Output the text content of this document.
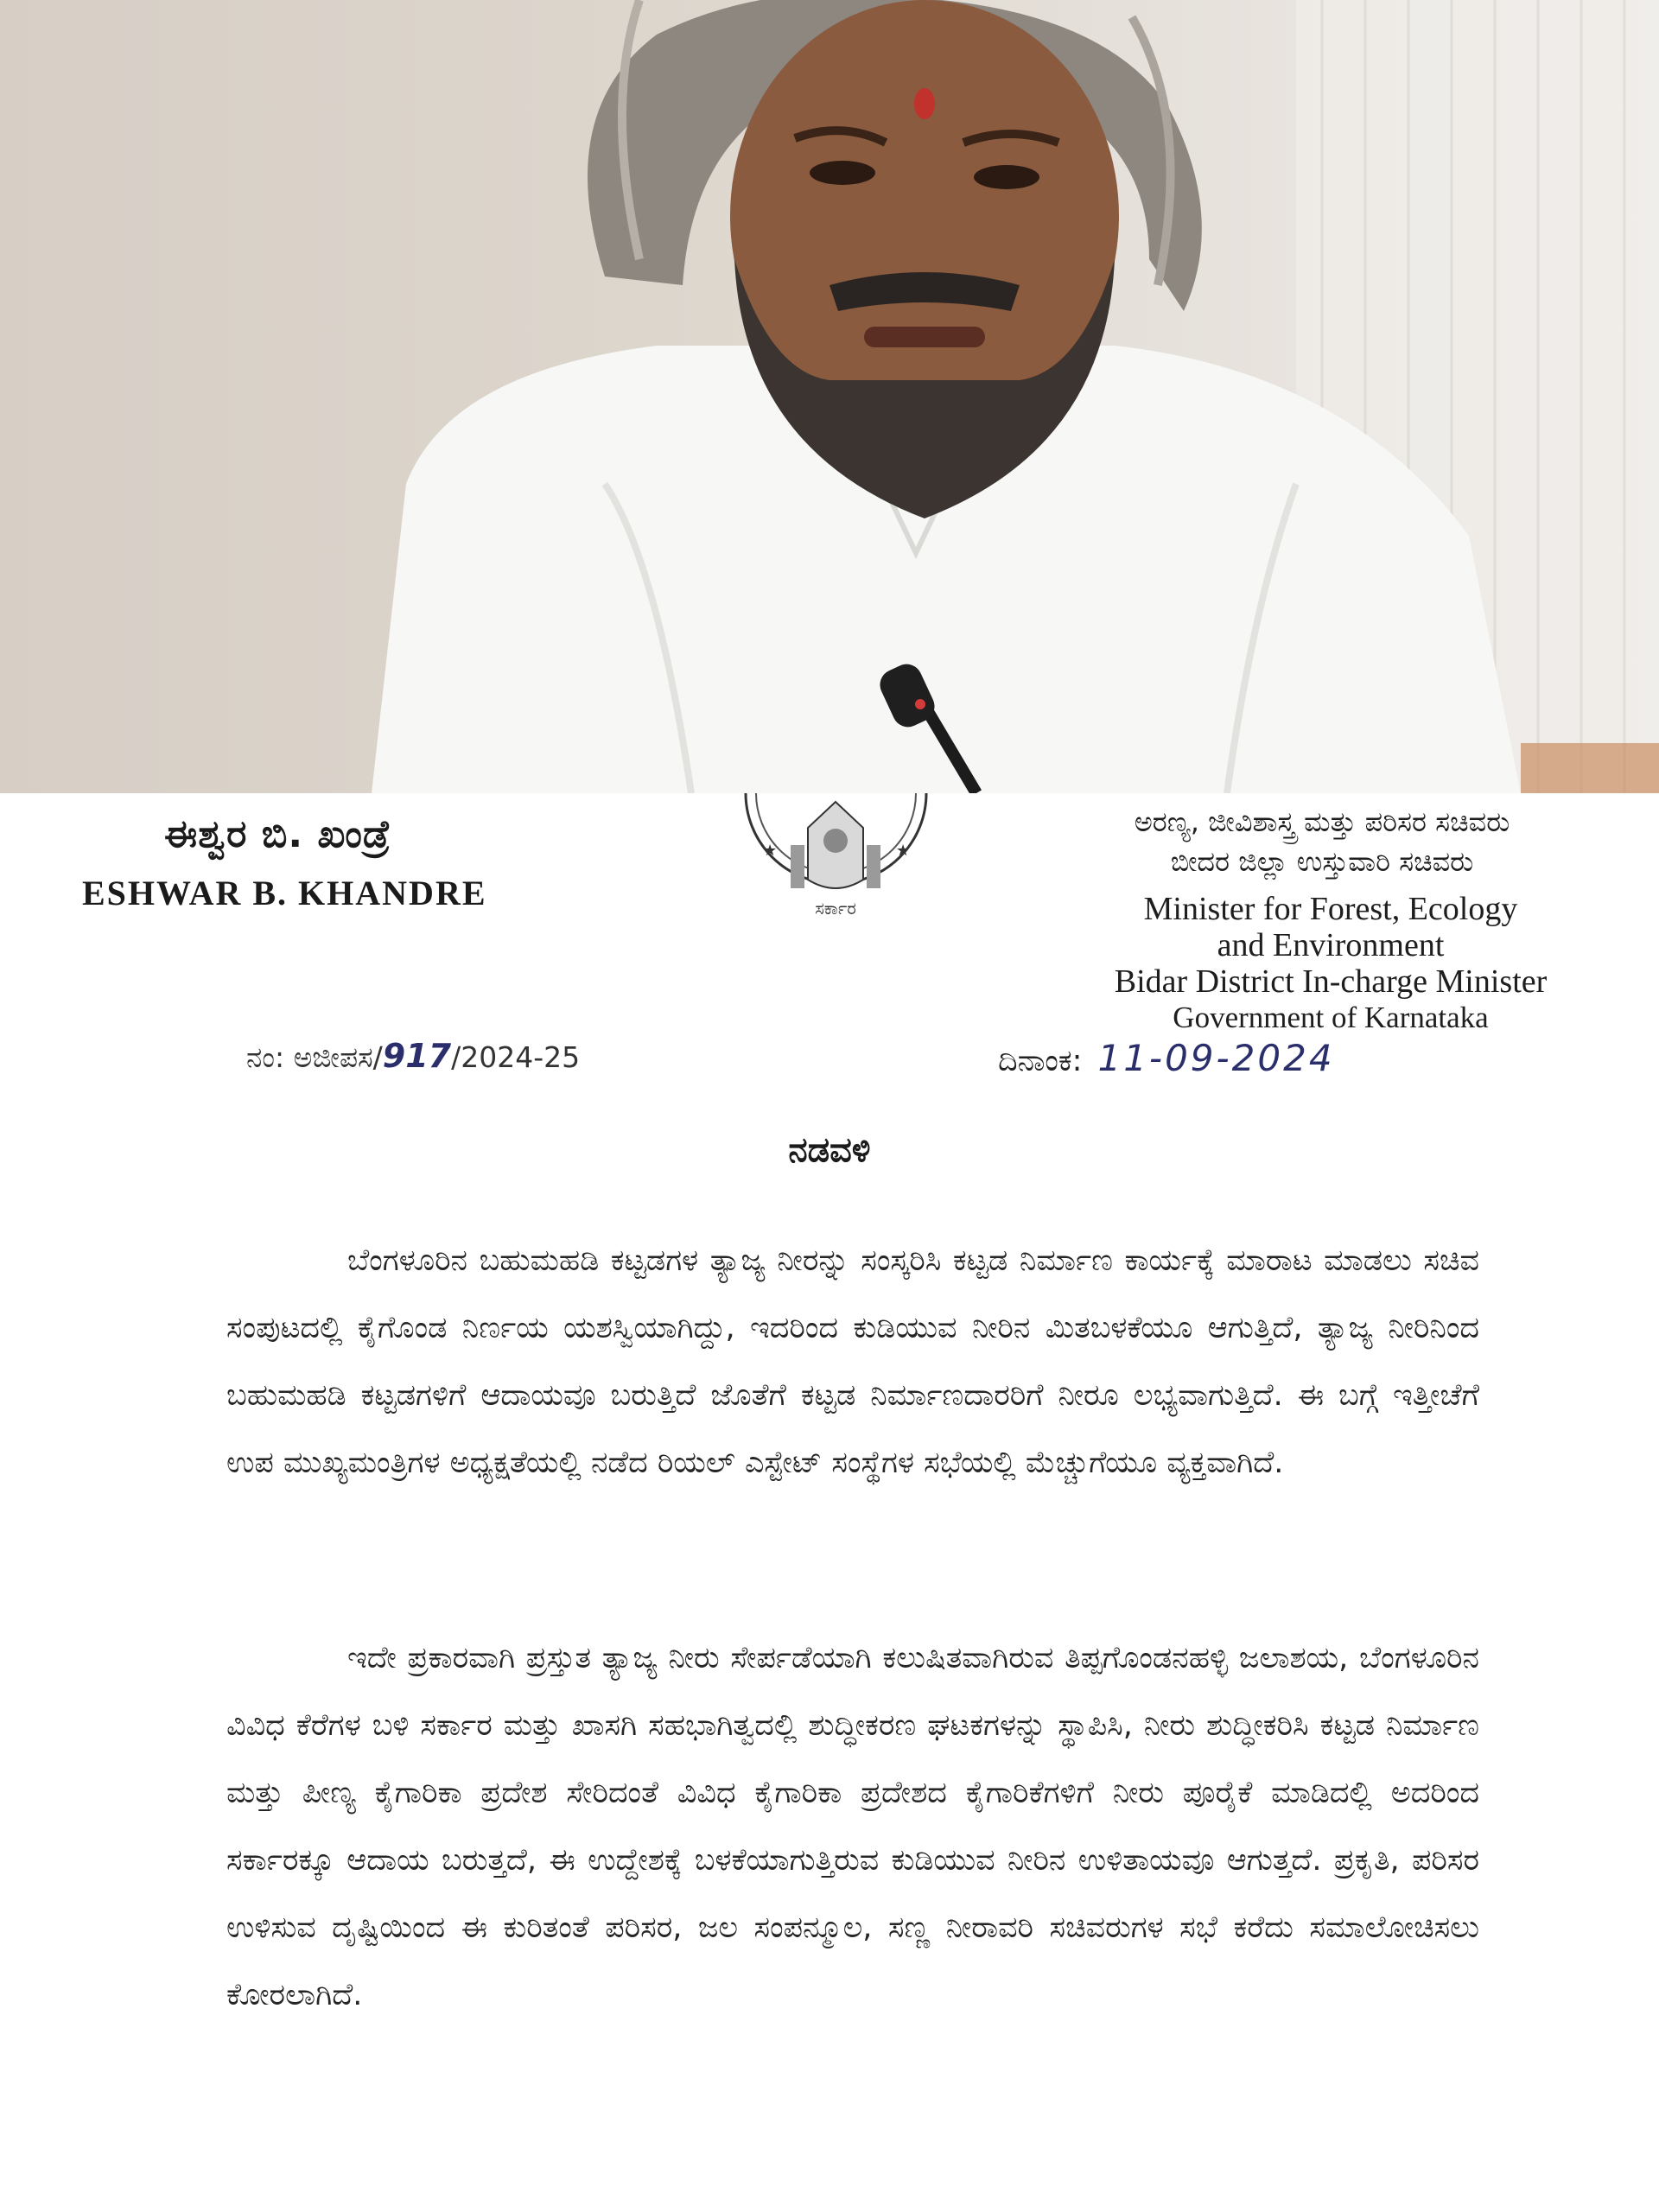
ಈಶ್ವರ ಬಿ. ಖಂಡ್ರೆ
ESHWAR B. KHANDRE
★	★
ಸರ್ಕಾರ
ಅರಣ್ಯ, ಜೀವಿಶಾಸ್ತ್ರ ಮತ್ತು ಪರಿಸರ ಸಚಿವರು
ಬೀದರ ಜಿಲ್ಲಾ ಉಸ್ತುವಾರಿ ಸಚಿವರು
Minister for Forest, Ecology
and Environment
Bidar District In-charge Minister
Government of Karnataka
ನಂ: ಅಜೀಪಸ/917/2024-25	ದಿನಾಂಕ: 11-09-2024
ನಡವಳಿ

ಬೆಂಗಳೂರಿನ ಬಹುಮಹಡಿ ಕಟ್ಟಡಗಳ ತ್ಯಾಜ್ಯ ನೀರನ್ನು ಸಂಸ್ಕರಿಸಿ ಕಟ್ಟಡ ನಿರ್ಮಾಣ ಕಾರ್ಯಕ್ಕೆ ಮಾರಾಟ ಮಾಡಲು ಸಚಿವ ಸಂಪುಟದಲ್ಲಿ ಕೈಗೊಂಡ ನಿರ್ಣಯ ಯಶಸ್ವಿಯಾಗಿದ್ದು, ಇದರಿಂದ ಕುಡಿಯುವ ನೀರಿನ ಮಿತಬಳಕೆಯೂ ಆಗುತ್ತಿದೆ, ತ್ಯಾಜ್ಯ ನೀರಿನಿಂದ ಬಹುಮಹಡಿ ಕಟ್ಟಡಗಳಿಗೆ ಆದಾಯವೂ ಬರುತ್ತಿದೆ ಜೊತೆಗೆ ಕಟ್ಟಡ ನಿರ್ಮಾಣದಾರರಿಗೆ ನೀರೂ ಲಭ್ಯವಾಗುತ್ತಿದೆ. ಈ ಬಗ್ಗೆ ಇತ್ತೀಚೆಗೆ ಉಪ ಮುಖ್ಯಮಂತ್ರಿಗಳ ಅಧ್ಯಕ್ಷತೆಯಲ್ಲಿ ನಡೆದ ರಿಯಲ್ ಎಸ್ಟೇಟ್ ಸಂಸ್ಥೆಗಳ ಸಭೆಯಲ್ಲಿ ಮೆಚ್ಚುಗೆಯೂ ವ್ಯಕ್ತವಾಗಿದೆ.

ಇದೇ ಪ್ರಕಾರವಾಗಿ ಪ್ರಸ್ತುತ ತ್ಯಾಜ್ಯ ನೀರು ಸೇರ್ಪಡೆಯಾಗಿ ಕಲುಷಿತವಾಗಿರುವ ತಿಪ್ಪಗೊಂಡನಹಳ್ಳಿ ಜಲಾಶಯ, ಬೆಂಗಳೂರಿನ ವಿವಿಧ ಕೆರೆಗಳ ಬಳಿ ಸರ್ಕಾರ ಮತ್ತು ಖಾಸಗಿ ಸಹಭಾಗಿತ್ವದಲ್ಲಿ ಶುದ್ಧೀಕರಣ ಘಟಕಗಳನ್ನು ಸ್ಥಾಪಿಸಿ, ನೀರು ಶುದ್ಧೀಕರಿಸಿ ಕಟ್ಟಡ ನಿರ್ಮಾಣ ಮತ್ತು ಪೀಣ್ಯ ಕೈಗಾರಿಕಾ ಪ್ರದೇಶ ಸೇರಿದಂತೆ ವಿವಿಧ ಕೈಗಾರಿಕಾ ಪ್ರದೇಶದ ಕೈಗಾರಿಕೆಗಳಿಗೆ ನೀರು ಪೂರೈಕೆ ಮಾಡಿದಲ್ಲಿ ಅದರಿಂದ ಸರ್ಕಾರಕ್ಕೂ ಆದಾಯ ಬರುತ್ತದೆ, ಈ ಉದ್ದೇಶಕ್ಕೆ ಬಳಕೆಯಾಗುತ್ತಿರುವ ಕುಡಿಯುವ ನೀರಿನ ಉಳಿತಾಯವೂ ಆಗುತ್ತದೆ. ಪ್ರಕೃತಿ, ಪರಿಸರ ಉಳಿಸುವ ದೃಷ್ಟಿಯಿಂದ ಈ ಕುರಿತಂತೆ ಪರಿಸರ, ಜಲ ಸಂಪನ್ಮೂಲ, ಸಣ್ಣ ನೀರಾವರಿ ಸಚಿವರುಗಳ ಸಭೆ ಕರೆದು ಸಮಾಲೋಚಿಸಲು ಕೋರಲಾಗಿದೆ.
